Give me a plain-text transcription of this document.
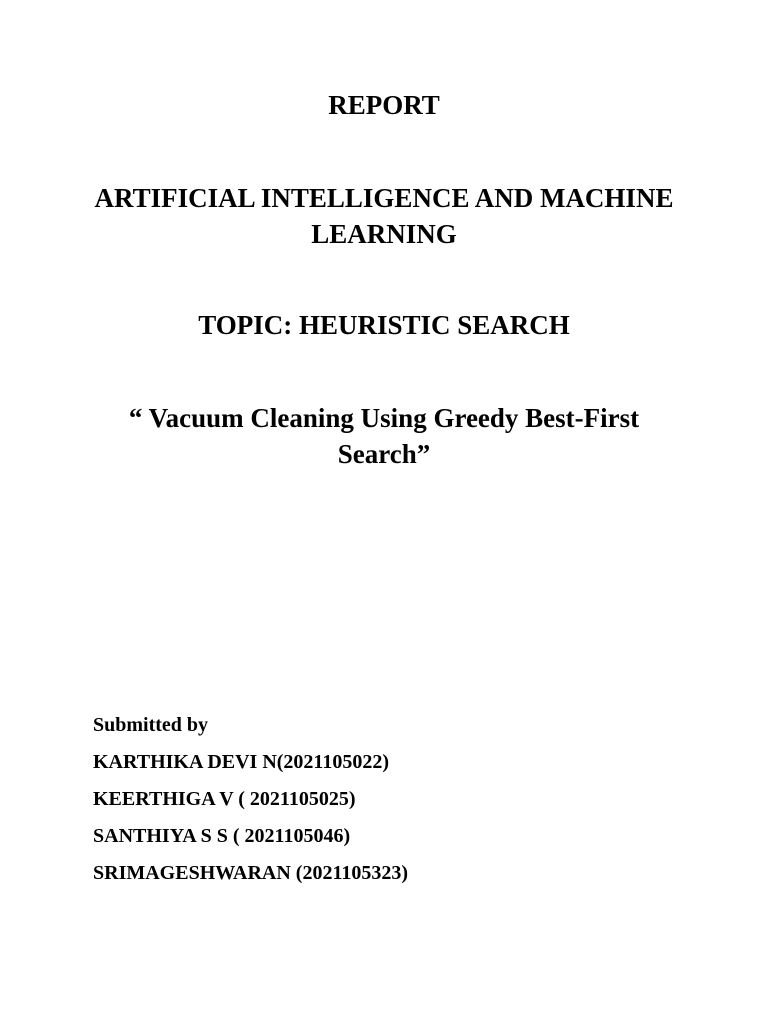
REPORT
ARTIFICIAL INTELLIGENCE AND MACHINE LEARNING
TOPIC: HEURISTIC SEARCH
“ Vacuum Cleaning Using Greedy Best-First Search”
Submitted by
KARTHIKA DEVI N(2021105022)
KEERTHIGA V ( 2021105025)
SANTHIYA S S ( 2021105046)
SRIMAGESHWARAN (2021105323)
